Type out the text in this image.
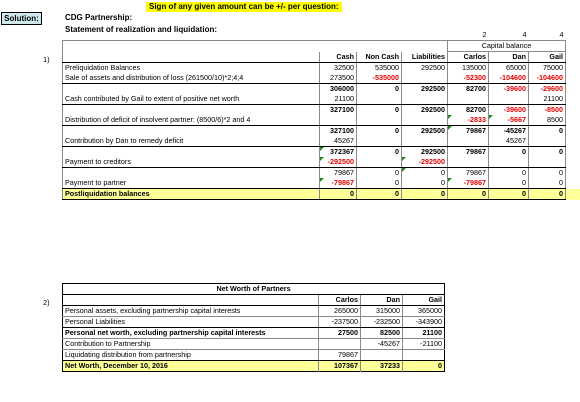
Sign of any given amount can be +/- per question:
Solution:	CDG Partnership:
Statement of realization and liquidation:
1)
2)
				2	4	4	
				Capital balance			
	Cash	Non Cash	Liabilities	Carlos	Dan	Gail	
Preliquidation Balances	32500	535000	292500	135000	65000	75000	
Sale of assets and distribution of loss (261500/10)*2;4;4	273500	-535000		-52300	-104600	-104600	
	306000	0	292500	82700	-39600	-29600	
Cash contributed by Gail to extent of positive net worth	21100					21100	
	327100	0	292500	82700	-39600	-8500	
Distribution of deficit of insolvent partner: (8500/6)*2 and 4				-2833	-5667	8500	
	327100	0	292500	79867	-45267	0	
Contribution by Dan to remedy deficit	45267				45267		
	372367	0	292500	79867	0	0	
Payment to creditors	-292500		-292500				
	79867	0	0	79867	0	0	
Payment to partner	-79867	0	0	-79867	0	0	
Postliquidation balances	0	0	0	0	0	0	
Net Worth of Partners			
	Carlos	Dan	Gail
Personal assets, excluding partnership capital interests	265000	315000	365000
Personal Liabilities	-237500	-232500	-343900
Personal net worth, excluding partnership capital interests	27500	82500	21100
Contribution to Partnership		-45267	-21100
Liquidating distribution from partnership	79867		
Net Worth, December 10, 2016	107367	37233	0
